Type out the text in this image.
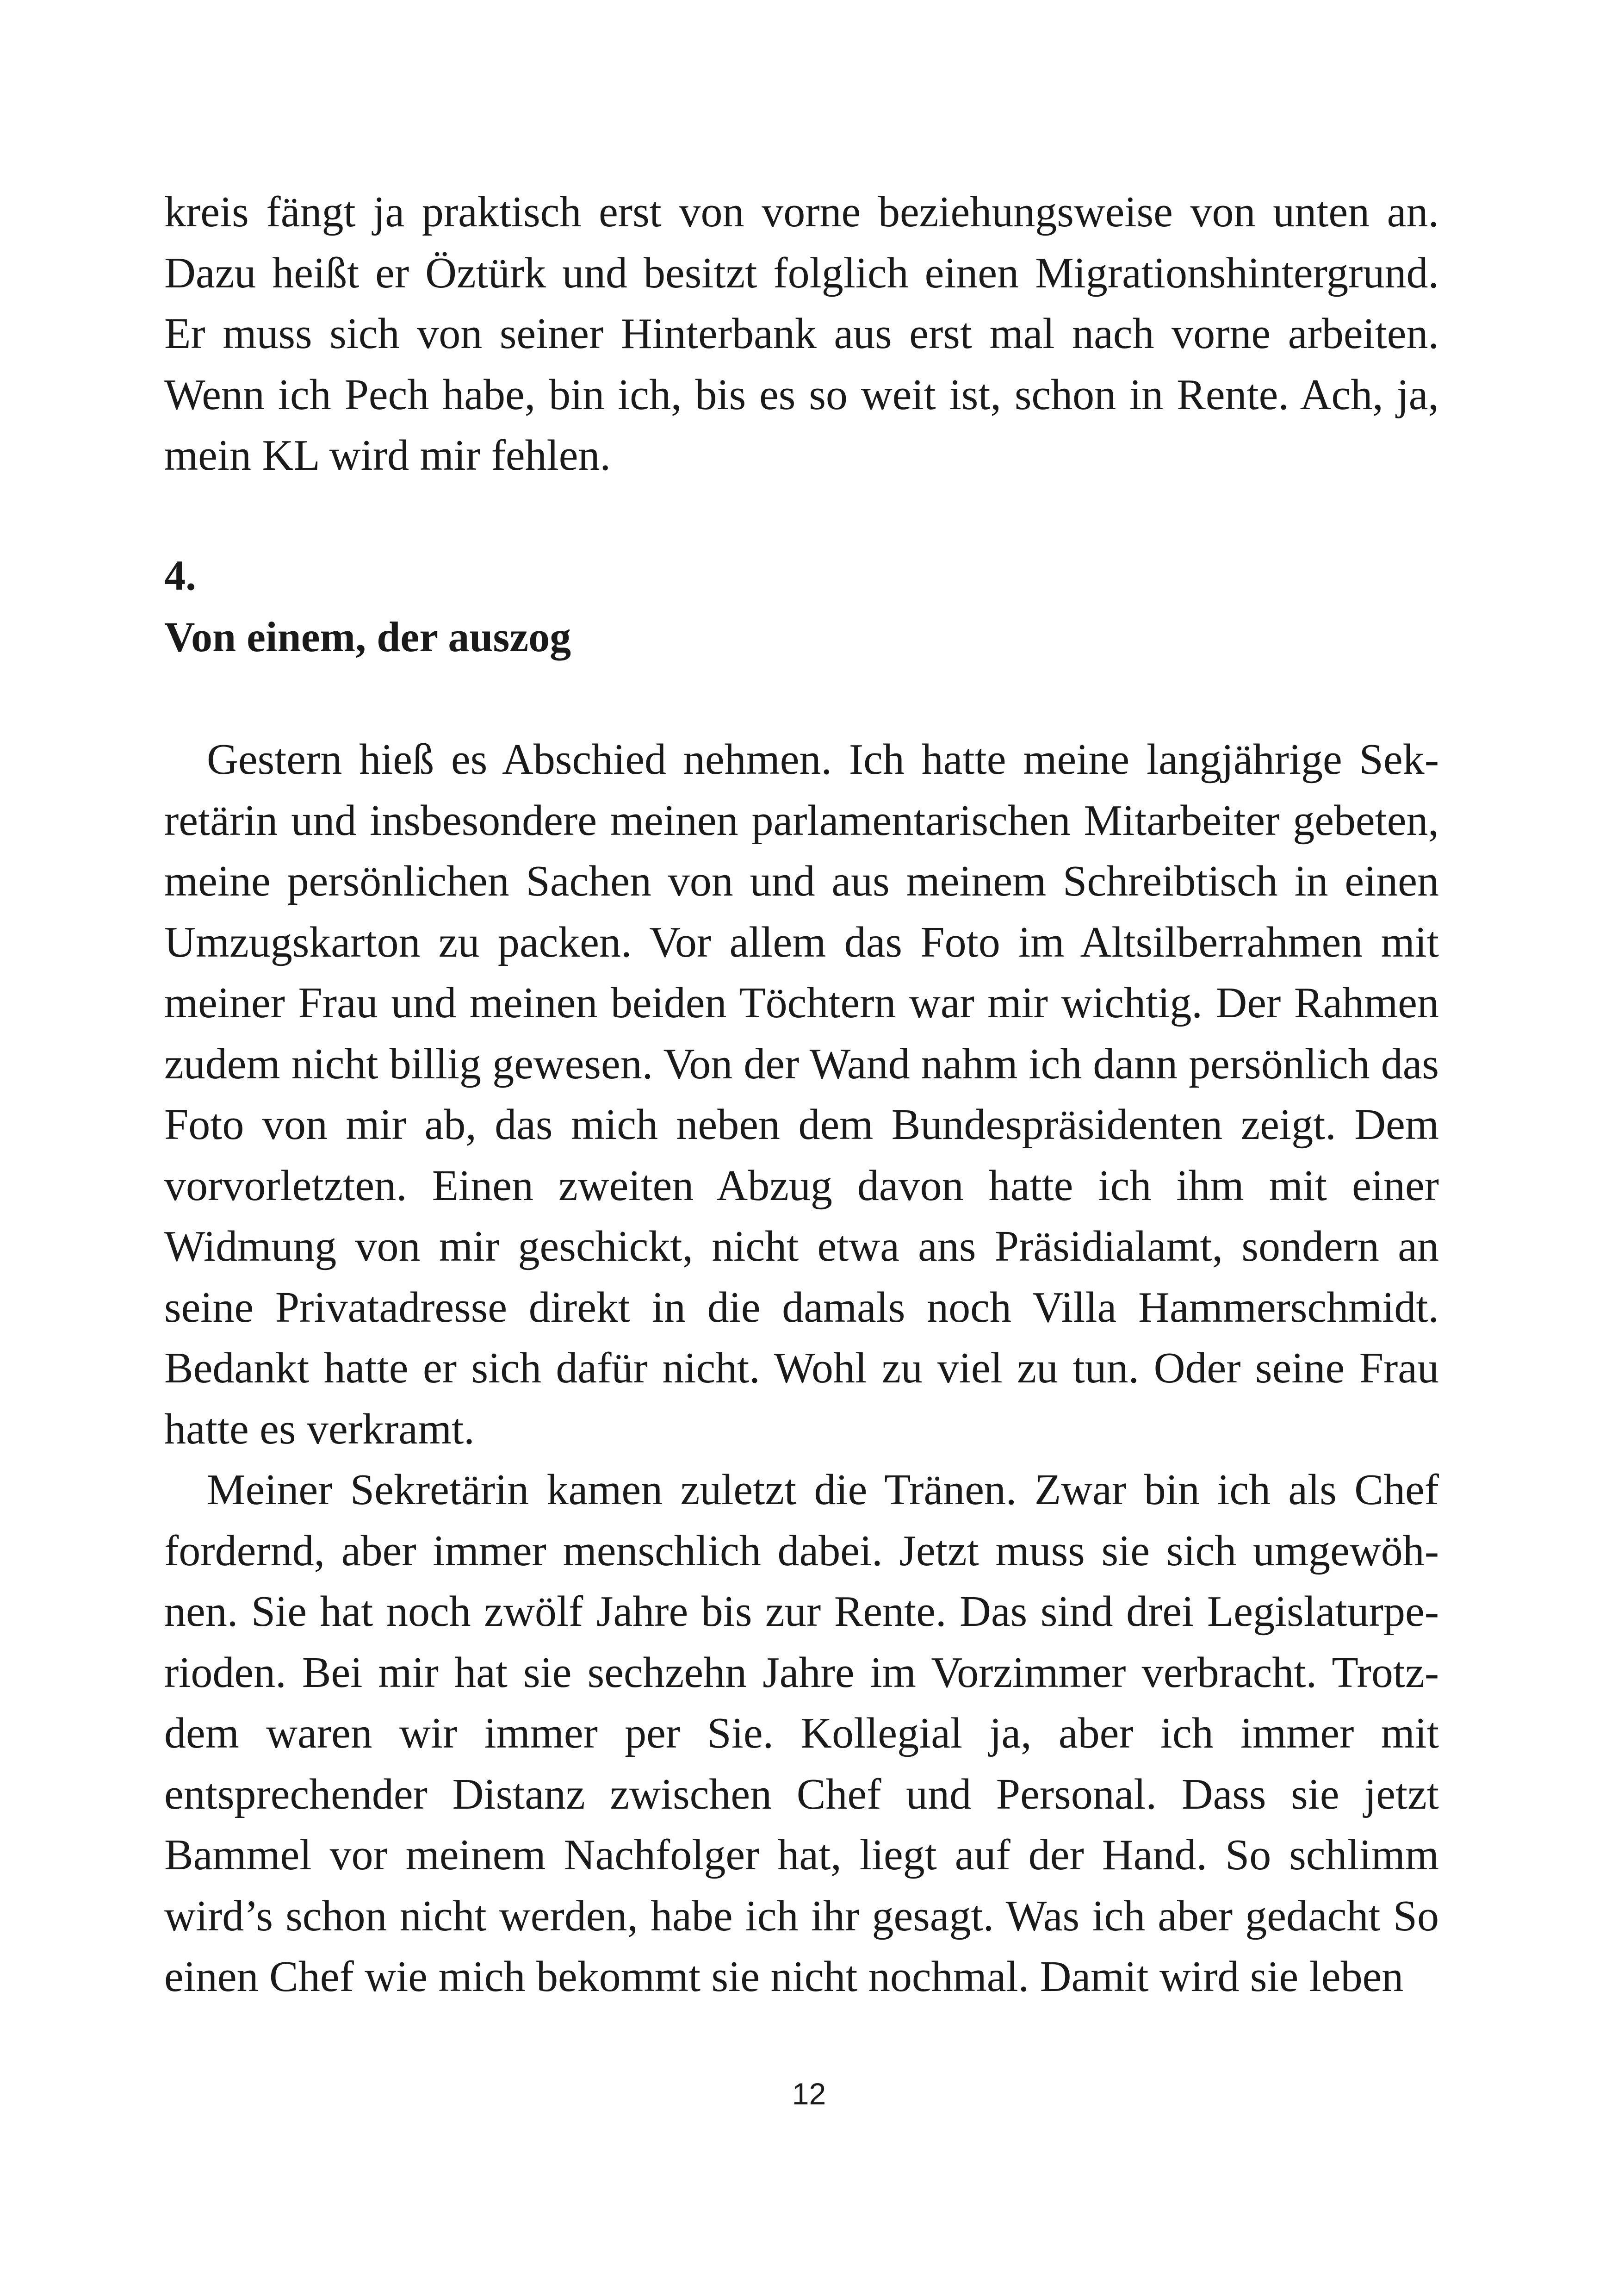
kreis fängt ja praktisch erst von vorne beziehungsweise von unten an. Dazu heißt er Öztürk und besitzt folglich einen Migrationshintergrund. Er muss sich von seiner Hinterbank aus erst mal nach vorne arbeiten. Wenn ich Pech habe, bin ich, bis es so weit ist, schon in Rente. Ach, ja, mein KL wird mir fehlen.

4.
Von einem, der auszog

Gestern hieß es Abschied nehmen. Ich hatte meine langjährige Sekretärin und insbesondere meinen parlamentarischen Mitarbeiter gebeten, meine persönlichen Sachen von und aus meinem Schreibtisch in einen Umzugskarton zu packen. Vor allem das Foto im Altsilberrahmen mit meiner Frau und meinen beiden Töchtern war mir wichtig. Der Rahmen zudem nicht billig gewesen. Von der Wand nahm ich dann persönlich das Foto von mir ab, das mich neben dem Bundespräsidenten zeigt. Dem vorvorletzten. Einen zweiten Abzug davon hatte ich ihm mit einer Widmung von mir geschickt, nicht etwa ans Präsidialamt, sondern an seine Privatadresse direkt in die damals noch Villa Hammerschmidt. Bedankt hatte er sich dafür nicht. Wohl zu viel zu tun. Oder seine Frau hatte es verkramt.

Meiner Sekretärin kamen zuletzt die Tränen. Zwar bin ich als Chef fordernd, aber immer menschlich dabei. Jetzt muss sie sich umgewöhnen. Sie hat noch zwölf Jahre bis zur Rente. Das sind drei Legislaturperioden. Bei mir hat sie sechzehn Jahre im Vorzimmer verbracht. Trotzdem waren wir immer per Sie. Kollegial ja, aber ich immer mit entsprechender Distanz zwischen Chef und Personal. Dass sie jetzt Bammel vor meinem Nachfolger hat, liegt auf der Hand. So schlimm wird’s schon nicht werden, habe ich ihr gesagt. Was ich aber gedacht So einen Chef wie mich bekommt sie nicht nochmal. Damit wird sie leben

12
